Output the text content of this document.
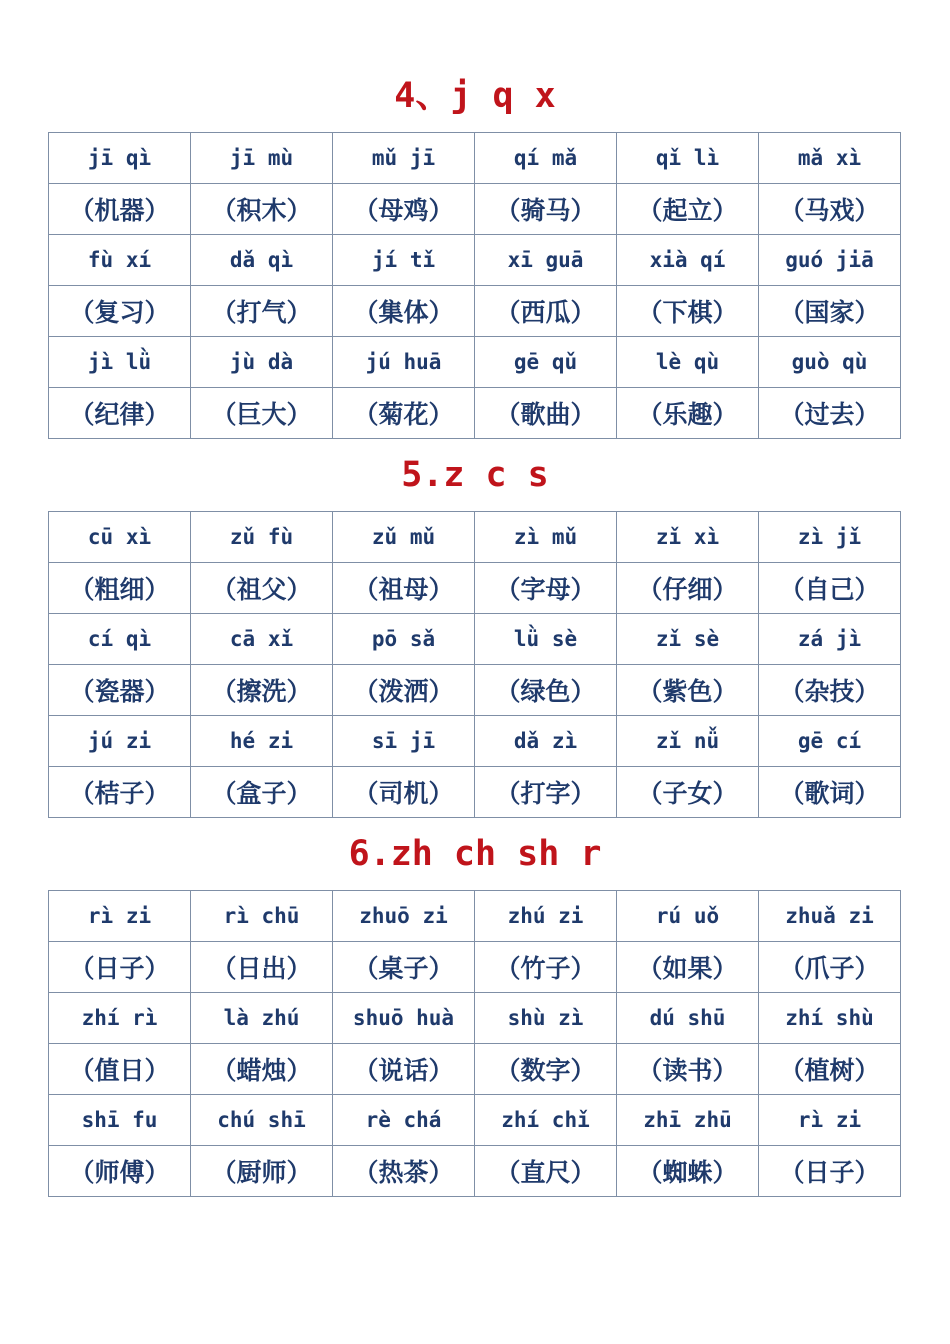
4、j q x
jī qì	jī mù	mǔ jī	qí mǎ	qǐ lì	mǎ xì
（机器）	（积木）	（母鸡）	（骑马）	（起立）	（马戏）
fù xí	dǎ qì	jí tǐ	xī guā	xià qí	guó jiā
（复习）	（打气）	（集体）	（西瓜）	（下棋）	（国家）
jì lǜ	jù dà	jú huā	gē qǔ	lè qù	guò qù
（纪律）	（巨大）	（菊花）	（歌曲）	（乐趣）	（过去）
5.z c s
cū xì	zǔ fù	zǔ mǔ	zì mǔ	zǐ xì	zì jǐ
（粗细）	（祖父）	（祖母）	（字母）	（仔细）	（自己）
cí qì	cā xǐ	pō sǎ	lǜ sè	zǐ sè	zá jì
（瓷器）	（擦洗）	（泼洒）	（绿色）	（紫色）	（杂技）
jú zi	hé zi	sī jī	dǎ zì	zǐ nǚ	gē cí
（桔子）	（盒子）	（司机）	（打字）	（子女）	（歌词）
6.zh ch sh r
rì zi	rì chū	zhuō zi	zhú zi	rú uǒ	zhuǎ zi
（日子）	（日出）	（桌子）	（竹子）	（如果）	（爪子）
zhí rì	là zhú	shuō huà	shù zì	dú shū	zhí shù
（值日）	（蜡烛）	（说话）	（数字）	（读书）	（植树）
shī fu	chú shī	rè chá	zhí chǐ	zhī zhū	rì zi
（师傅）	（厨师）	（热茶）	（直尺）	（蜘蛛）	（日子）
